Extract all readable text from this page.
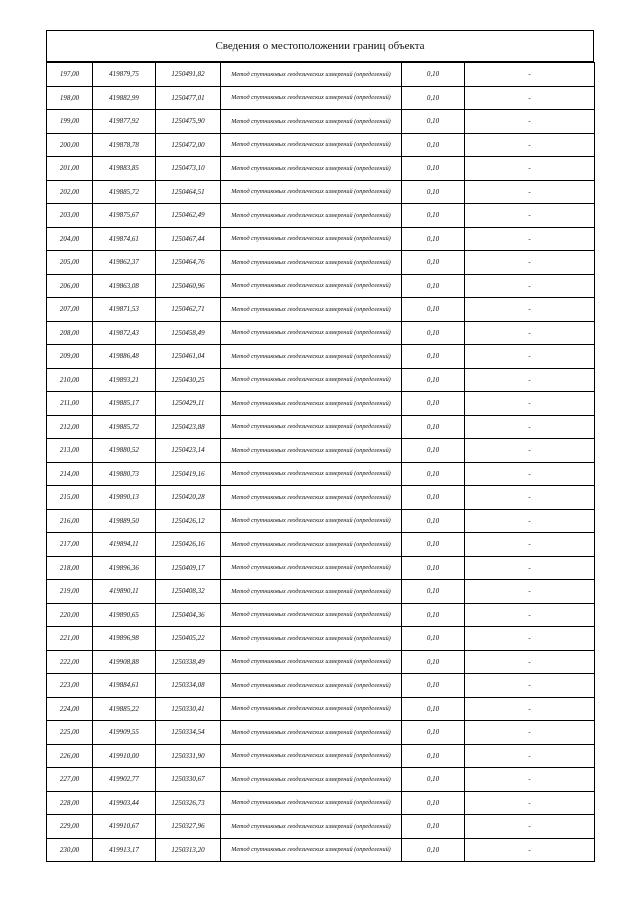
Сведения о местоположении границ объекта
197,00	419879,75	1250491,82	Метод спутниковых геодезических измерений (определений)	0,10	-
198,00	419882,99	1250477,01	Метод спутниковых геодезических измерений (определений)	0,10	-
199,00	419877,92	1250475,90	Метод спутниковых геодезических измерений (определений)	0,10	-
200,00	419878,78	1250472,00	Метод спутниковых геодезических измерений (определений)	0,10	-
201,00	419883,85	1250473,10	Метод спутниковых геодезических измерений (определений)	0,10	-
202,00	419885,72	1250464,51	Метод спутниковых геодезических измерений (определений)	0,10	-
203,00	419875,67	1250462,49	Метод спутниковых геодезических измерений (определений)	0,10	-
204,00	419874,61	1250467,44	Метод спутниковых геодезических измерений (определений)	0,10	-
205,00	419862,37	1250464,76	Метод спутниковых геодезических измерений (определений)	0,10	-
206,00	419863,08	1250460,96	Метод спутниковых геодезических измерений (определений)	0,10	-
207,00	419871,53	1250462,71	Метод спутниковых геодезических измерений (определений)	0,10	-
208,00	419872,43	1250458,49	Метод спутниковых геодезических измерений (определений)	0,10	-
209,00	419886,48	1250461,04	Метод спутниковых геодезических измерений (определений)	0,10	-
210,00	419893,21	1250430,25	Метод спутниковых геодезических измерений (определений)	0,10	-
211,00	419885,17	1250429,11	Метод спутниковых геодезических измерений (определений)	0,10	-
212,00	419885,72	1250423,88	Метод спутниковых геодезических измерений (определений)	0,10	-
213,00	419880,52	1250423,14	Метод спутниковых геодезических измерений (определений)	0,10	-
214,00	419880,73	1250419,16	Метод спутниковых геодезических измерений (определений)	0,10	-
215,00	419890,13	1250420,28	Метод спутниковых геодезических измерений (определений)	0,10	-
216,00	419889,50	1250426,12	Метод спутниковых геодезических измерений (определений)	0,10	-
217,00	419894,11	1250426,16	Метод спутниковых геодезических измерений (определений)	0,10	-
218,00	419896,36	1250409,17	Метод спутниковых геодезических измерений (определений)	0,10	-
219,00	419890,11	1250408,32	Метод спутниковых геодезических измерений (определений)	0,10	-
220,00	419890,65	1250404,36	Метод спутниковых геодезических измерений (определений)	0,10	-
221,00	419896,98	1250405,22	Метод спутниковых геодезических измерений (определений)	0,10	-
222,00	419908,88	1250338,49	Метод спутниковых геодезических измерений (определений)	0,10	-
223,00	419884,61	1250334,08	Метод спутниковых геодезических измерений (определений)	0,10	-
224,00	419885,22	1250330,41	Метод спутниковых геодезических измерений (определений)	0,10	-
225,00	419909,55	1250334,54	Метод спутниковых геодезических измерений (определений)	0,10	-
226,00	419910,00	1250331,90	Метод спутниковых геодезических измерений (определений)	0,10	-
227,00	419902,77	1250330,67	Метод спутниковых геодезических измерений (определений)	0,10	-
228,00	419903,44	1250326,73	Метод спутниковых геодезических измерений (определений)	0,10	-
229,00	419910,67	1250327,96	Метод спутниковых геодезических измерений (определений)	0,10	-
230,00	419913,17	1250313,20	Метод спутниковых геодезических измерений (определений)	0,10	-
